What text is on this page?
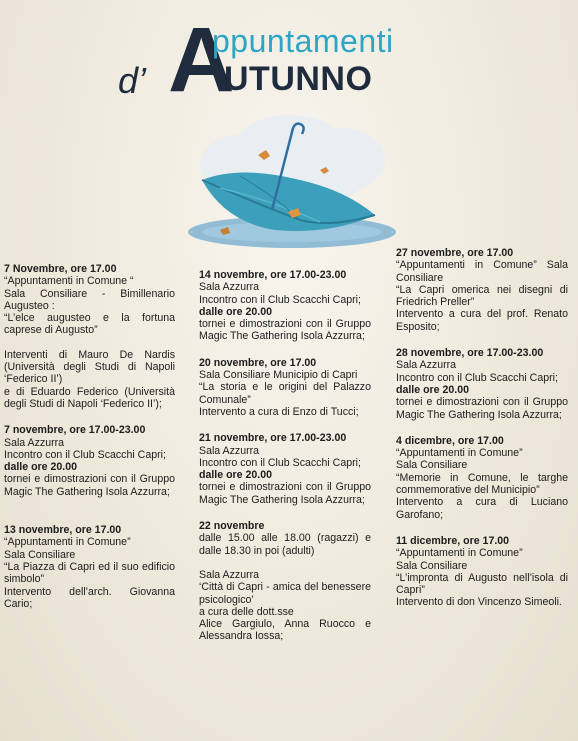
A
ppuntamenti
d’ UTUNNO

7 Novembre, ore 17.00

“Appuntamenti in Comune “

Sala Consiliare - Bimillenario Augusteo :

“L’elce augusteo e la fortuna caprese di Augusto”

Interventi di Mauro De Nardis (Università degli Studi di Napoli ‘Federico II’)

e di Eduardo Federico (Università degli Studi di Napoli ‘Federico II’);

7 novembre, ore 17.00-23.00

Sala Azzurra

Incontro con il Club Scacchi Capri;

dalle ore 20.00

tornei e dimostrazioni con il Gruppo Magic The Gathering Isola Azzurra;

13 novembre, ore 17.00

“Appuntamenti in Comune”

Sala Consiliare

“La Piazza di Capri ed il suo edificio simbolo”

Intervento dell’arch. Giovanna Cario;

14 novembre, ore 17.00-23.00

Sala Azzurra

Incontro con il Club Scacchi Capri;

dalle ore 20.00

tornei e dimostrazioni con il Gruppo Magic The Gathering Isola Azzurra;

20 novembre, ore 17.00

Sala Consiliare Municipio di Capri

“La storia e le origini del Palazzo Comunale”

Intervento a cura di Enzo di Tucci;

21 novembre, ore 17.00-23.00

Sala Azzurra

Incontro con il Club Scacchi Capri;

dalle ore 20.00

tornei e dimostrazioni con il Gruppo Magic The Gathering Isola Azzurra;

22 novembre

dalle 15.00 alle 18.00 (ragazzi) e dalle 18.30 in poi (adulti)

Sala Azzurra

‘Città di Capri - amica del benessere psicologico’

a cura delle dott.sse

Alice Gargiulo, Anna Ruocco e Alessandra Iossa;

27 novembre, ore 17.00

“Appuntamenti in Comune” Sala Consiliare

“La Capri omerica nei disegni di Friedrich Preller”

Intervento a cura del prof. Renato Esposito;

28 novembre, ore 17.00-23.00

Sala Azzurra

Incontro con il Club Scacchi Capri;

dalle ore 20.00

tornei e dimostrazioni con il Gruppo Magic The Gathering Isola Azzurra;

4 dicembre, ore 17.00

“Appuntamenti in Comune”

Sala Consiliare

“Memorie in Comune, le targhe commemorative del Municipio”

Intervento a cura di Luciano Garofano;

11 dicembre, ore 17.00

“Appuntamenti in Comune”

Sala Consiliare

“L’impronta di Augusto nell’isola di Capri”

Intervento di don Vincenzo Simeoli.
